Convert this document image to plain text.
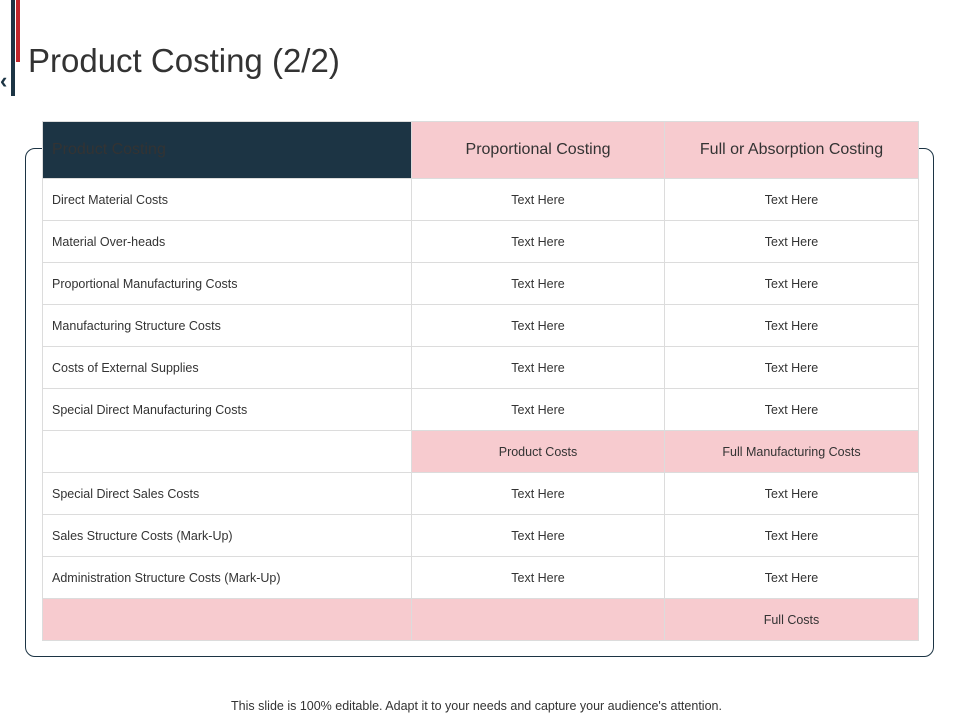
‹
Product Costing (2/2)
Product Costing	Proportional Costing	Full or Absorption Costing
Direct Material Costs	Text Here	Text Here
Material Over-heads	Text Here	Text Here
Proportional Manufacturing Costs	Text Here	Text Here
Manufacturing Structure Costs	Text Here	Text Here
Costs of External Supplies	Text Here	Text Here
Special Direct Manufacturing Costs	Text Here	Text Here
	Product Costs	Full Manufacturing Costs
Special Direct Sales Costs	Text Here	Text Here
Sales Structure Costs (Mark-Up)	Text Here	Text Here
Administration Structure Costs (Mark-Up)	Text Here	Text Here
		Full Costs
This slide is 100% editable. Adapt it to your needs and capture your audience's attention.
